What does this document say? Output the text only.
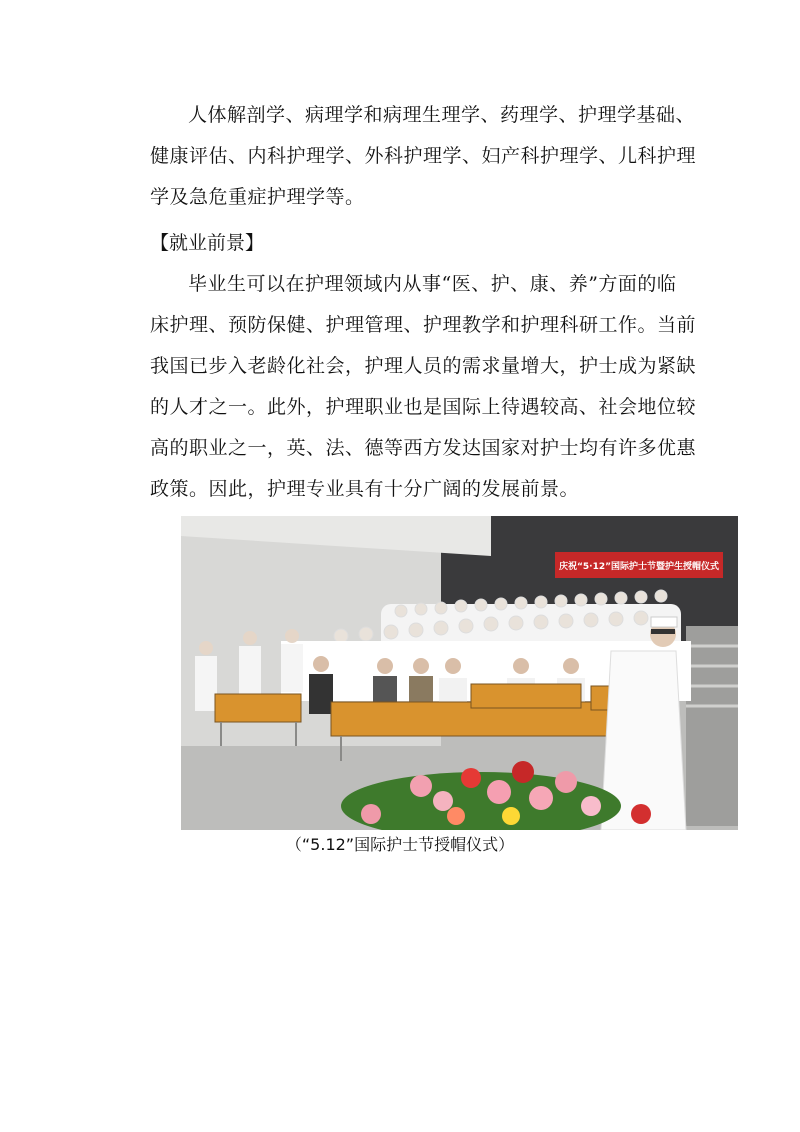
人体解剖学、病理学和病理生理学、药理学、护理学基础、
健康评估、内科护理学、外科护理学、妇产科护理学、儿科护理
学及急危重症护理学等。
【就业前景】
毕业生可以在护理领域内从事“医、护、康、养”方面的临
床护理、预防保健、护理管理、护理教学和护理科研工作。当前
我国已步入老龄化社会，护理人员的需求量增大，护士成为紧缺
的人才之一。此外，护理职业也是国际上待遇较高、社会地位较
高的职业之一，英、法、德等西方发达国家对护士均有许多优惠
政策。因此，护理专业具有十分广阔的发展前景。
庆祝“5·12”国际护士节暨护生授帽仪式
（“5.12”国际护士节授帽仪式）
